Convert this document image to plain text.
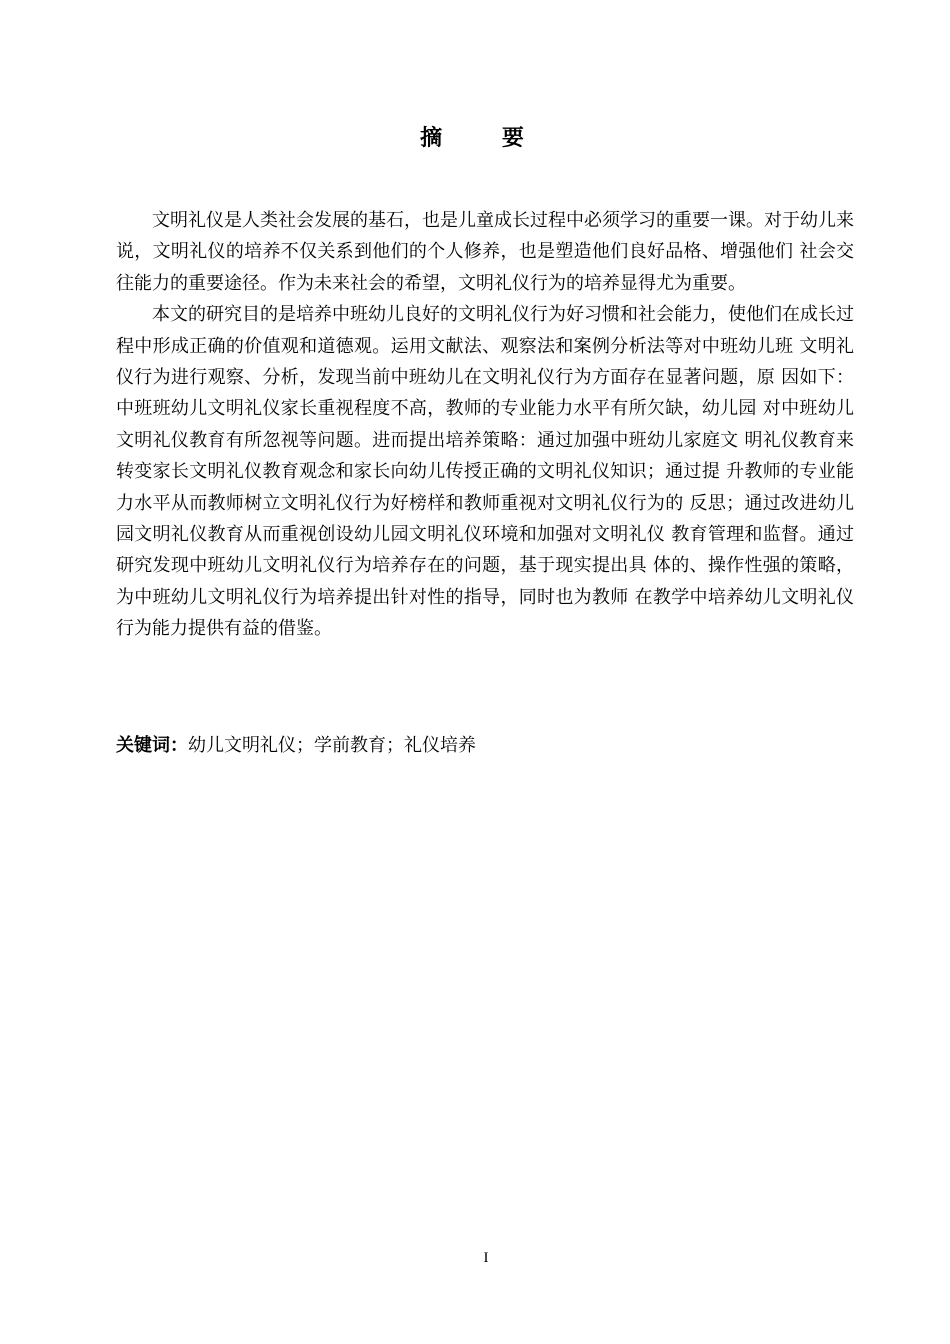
摘 要

文明礼仪是人类社会发展的基石，也是儿童成长过程中必须学习的重要一课。对于幼儿来说，文明礼仪的培养不仅关系到他们的个人修养，也是塑造他们良好品格、增强他们 社会交往能力的重要途径。作为未来社会的希望，文明礼仪行为的培养显得尤为重要。

本文的研究目的是培养中班幼儿良好的文明礼仪行为好习惯和社会能力，使他们在成长过程中形成正确的价值观和道德观。运用文献法、观察法和案例分析法等对中班幼儿班 文明礼仪行为进行观察、分析，发现当前中班幼儿在文明礼仪行为方面存在显著问题，原 因如下：中班班幼儿文明礼仪家长重视程度不高，教师的专业能力水平有所欠缺，幼儿园 对中班幼儿文明礼仪教育有所忽视等问题。进而提出培养策略：通过加强中班幼儿家庭文 明礼仪教育来转变家长文明礼仪教育观念和家长向幼儿传授正确的文明礼仪知识；通过提 升教师的专业能力水平从而教师树立文明礼仪行为好榜样和教师重视对文明礼仪行为的 反思；通过改进幼儿园文明礼仪教育从而重视创设幼儿园文明礼仪环境和加强对文明礼仪 教育管理和监督。通过研究发现中班幼儿文明礼仪行为培养存在的问题，基于现实提出具 体的、操作性强的策略，为中班幼儿文明礼仪行为培养提出针对性的指导，同时也为教师 在教学中培养幼儿文明礼仪行为能力提供有益的借鉴。

关键词：幼儿文明礼仪；学前教育；礼仪培养
I
